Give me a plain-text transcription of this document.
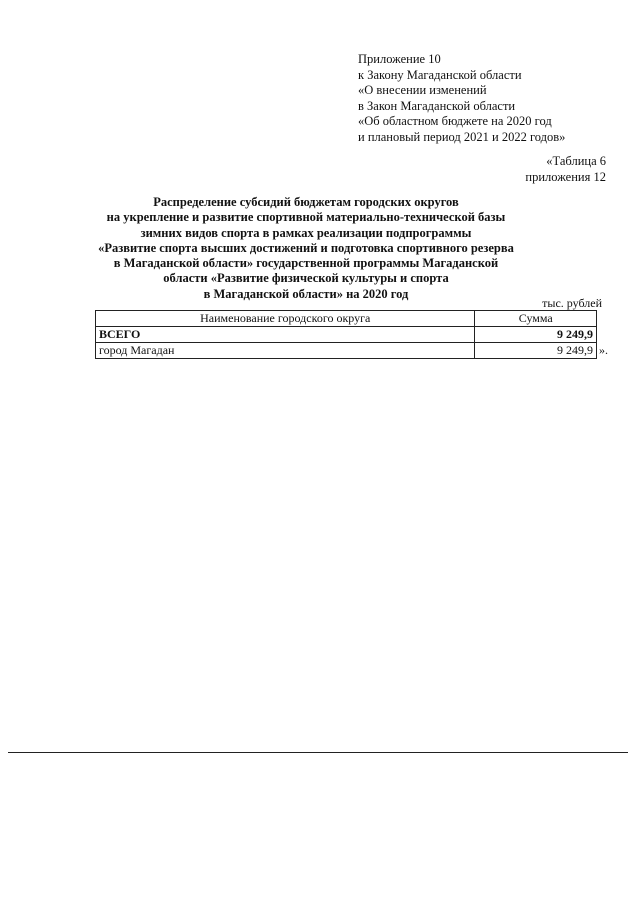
Приложение 10
к Закону Магаданской области
«О внесении изменений
в Закон Магаданской области
«Об областном бюджете на 2020 год
и плановый период 2021 и 2022 годов»
«Таблица 6
приложения 12
Распределение субсидий бюджетам городских округов
на укрепление и развитие спортивной материально-технической базы
зимних видов спорта в рамках реализации подпрограммы
«Развитие спорта высших достижений и подготовка спортивного резерва
в Магаданской области» государственной программы Магаданской
области «Развитие физической культуры и спорта
в Магаданской области» на 2020 год
тыс. рублей
Наименование городского округа	Сумма
ВСЕГО	9 249,9
город Магадан	9 249,9 ».
